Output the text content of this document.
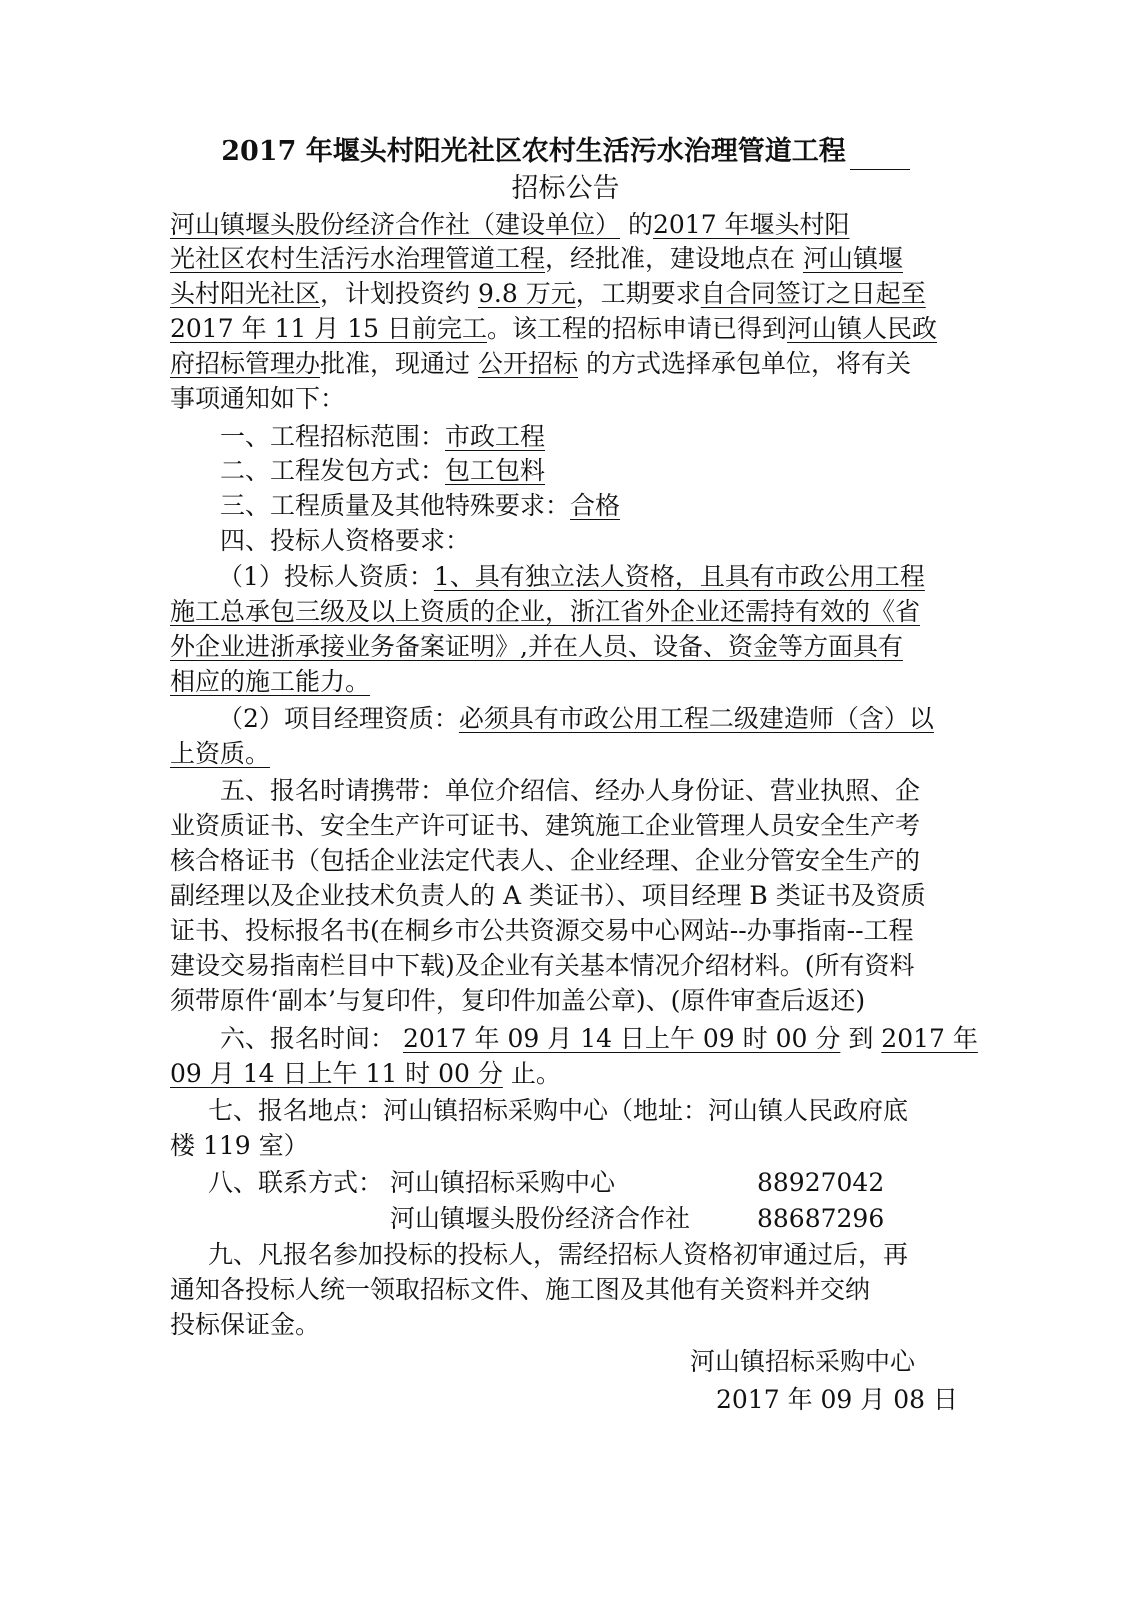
2017 年堰头村阳光社区农村生活污水治理管道工程
招标公告
河山镇堰头股份经济合作社（建设单位） 的2017 年堰头村阳
光社区农村生活污水治理管道工程，经批准，建设地点在 河山镇堰
头村阳光社区，计划投资约 9.8 万元，工期要求自合同签订之日起至
2017 年 11 月 15 日前完工。该工程的招标申请已得到河山镇人民政
府招标管理办批准，现通过 公开招标 的方式选择承包单位，将有关
事项通知如下：
一、工程招标范围：市政工程
二、工程发包方式：包工包料
三、工程质量及其他特殊要求：合格
四、投标人资格要求：
（1）投标人资质：1、具有独立法人资格，且具有市政公用工程
施工总承包三级及以上资质的企业，浙江省外企业还需持有效的《省
外企业进浙承接业务备案证明》,并在人员、设备、资金等方面具有
相应的施工能力。
（2）项目经理资质：必须具有市政公用工程二级建造师（含）以
上资质。
五、报名时请携带：单位介绍信、经办人身份证、营业执照、企
业资质证书、安全生产许可证书、建筑施工企业管理人员安全生产考
核合格证书（包括企业法定代表人、企业经理、企业分管安全生产的
副经理以及企业技术负责人的 A 类证书）、项目经理 B 类证书及资质
证书、投标报名书(在桐乡市公共资源交易中心网站--办事指南--工程
建设交易指南栏目中下载)及企业有关基本情况介绍材料。(所有资料
须带原件‘副本’与复印件，复印件加盖公章)、(原件审查后返还)
六、报名时间： 2017 年 09 月 14 日上午 09 时 00 分 到 2017 年
09 月 14 日上午 11 时 00 分 止。
七、报名地点：河山镇招标采购中心（地址：河山镇人民政府底
楼 119 室）
八、联系方式： 河山镇招标采购中心	88927042
河山镇堰头股份经济合作社	88687296
九、凡报名参加投标的投标人，需经招标人资格初审通过后，再
通知各投标人统一领取招标文件、施工图及其他有关资料并交纳
投标保证金。
河山镇招标采购中心
2017 年 09 月 08 日
